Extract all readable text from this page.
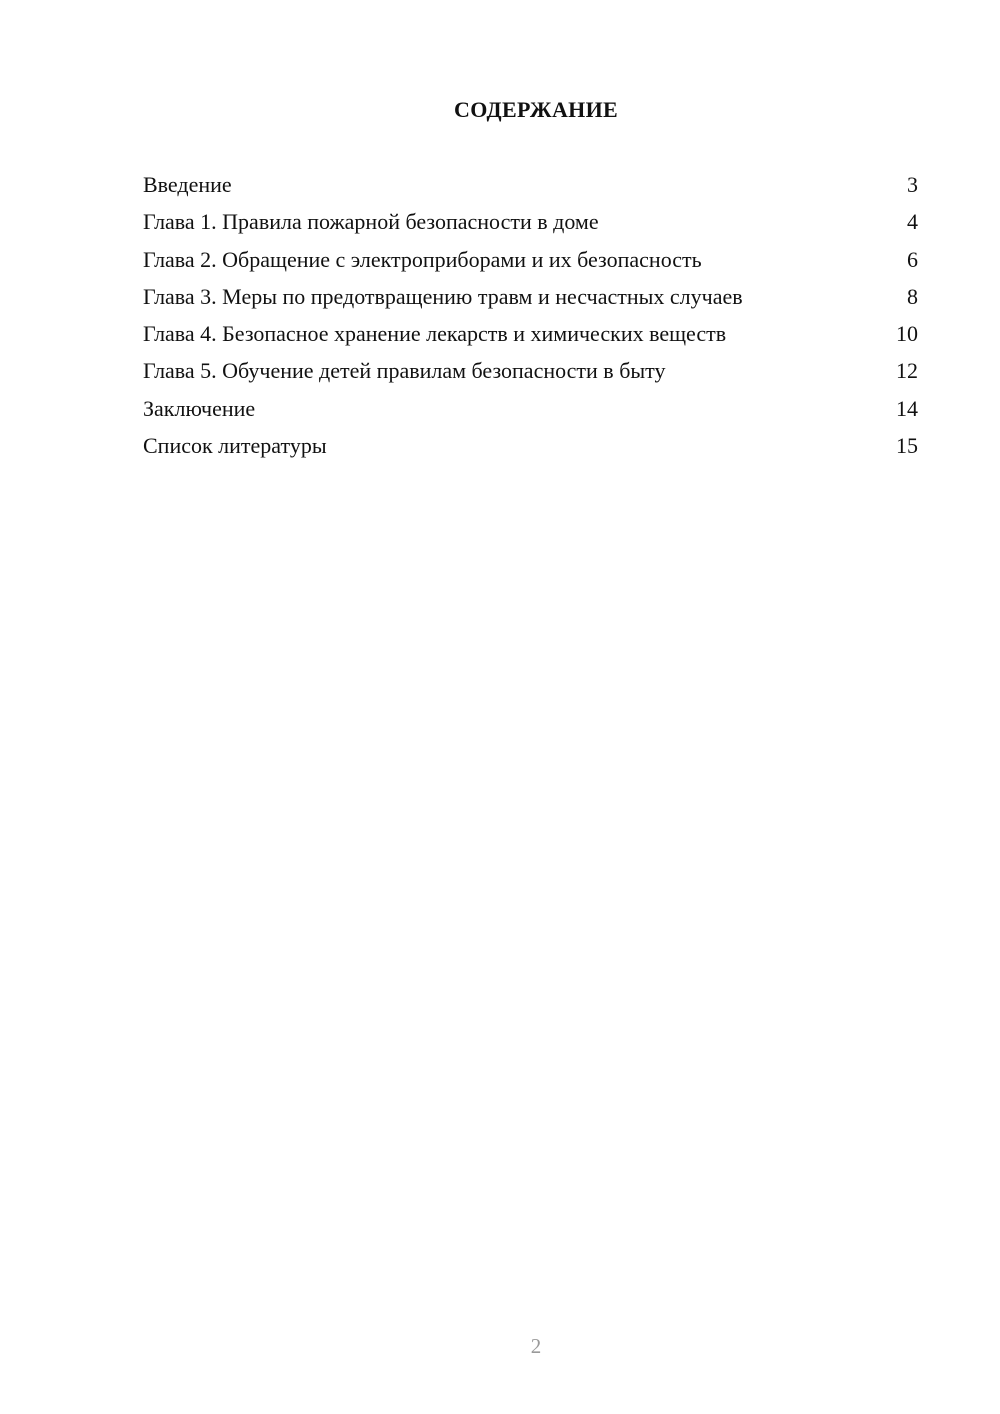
СОДЕРЖАНИЕ
Введение	3
Глава 1. Правила пожарной безопасности в доме	4
Глава 2. Обращение с электроприборами и их безопасность	6
Глава 3. Меры по предотвращению травм и несчастных случаев	8
Глава 4. Безопасное хранение лекарств и химических веществ	10
Глава 5. Обучение детей правилам безопасности в быту	12
Заключение	14
Список литературы	15
2
